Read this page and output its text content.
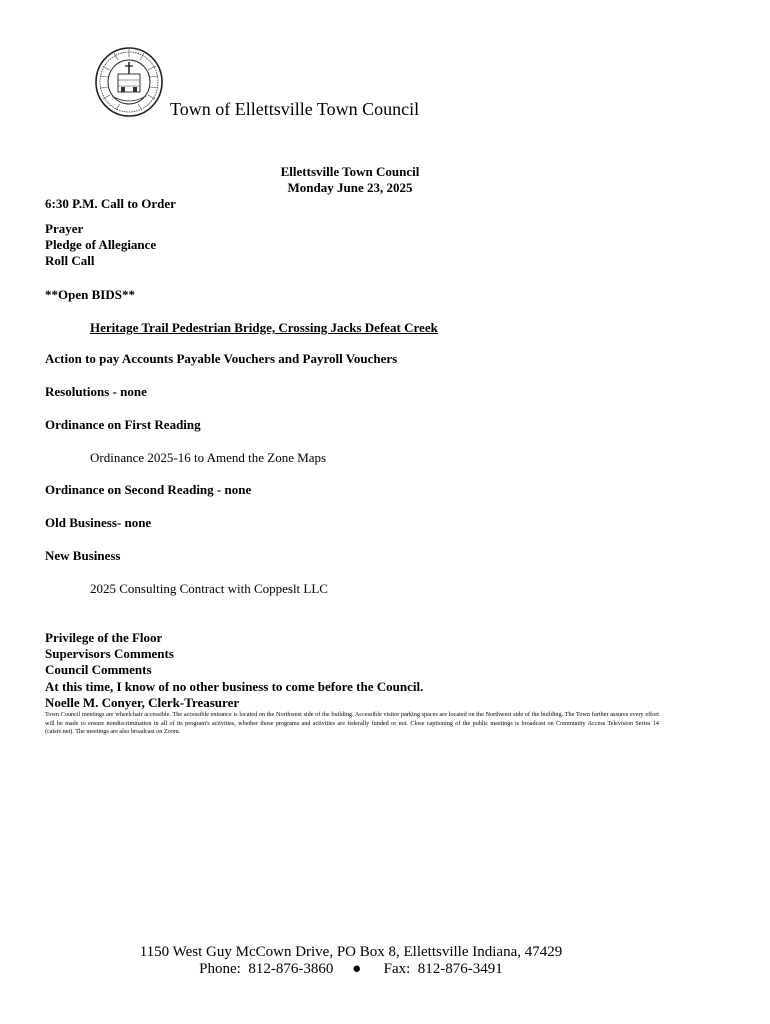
Town of Ellettsville Town Council
Ellettsville Town Council
Monday June 23, 2025
6:30 P.M. Call to Order
Prayer
Pledge of Allegiance
Roll Call
**Open BIDS**
Heritage Trail Pedestrian Bridge, Crossing Jacks Defeat Creek
Action to pay Accounts Payable Vouchers and Payroll Vouchers
Resolutions - none
Ordinance on First Reading
Ordinance 2025-16 to Amend the Zone Maps
Ordinance on Second Reading - none
Old Business- none
New Business
2025 Consulting Contract with Coppeslt LLC
Privilege of the Floor
Supervisors Comments
Council Comments
At this time, I know of no other business to come before the Council.
Noelle M. Conyer, Clerk-Treasurer
Town Council meetings are wheelchair accessible. The accessible entrance is located on the Northwest side of the building. Accessible visitor parking spaces are located on the Northwest side of the building. The Town further assures every effort will be made to ensure nondiscrimination in all of its program's activities, whether those programs and activities are federally funded or not. Close captioning of the public meetings is broadcast on Community Access Television Series 14 (catstv.net). The meetings are also broadcast on Zoom.
1150 West Guy McCown Drive, PO Box 8, Ellettsville Indiana, 47429
Phone:  812-876-3860     ●      Fax:  812-876-3491
